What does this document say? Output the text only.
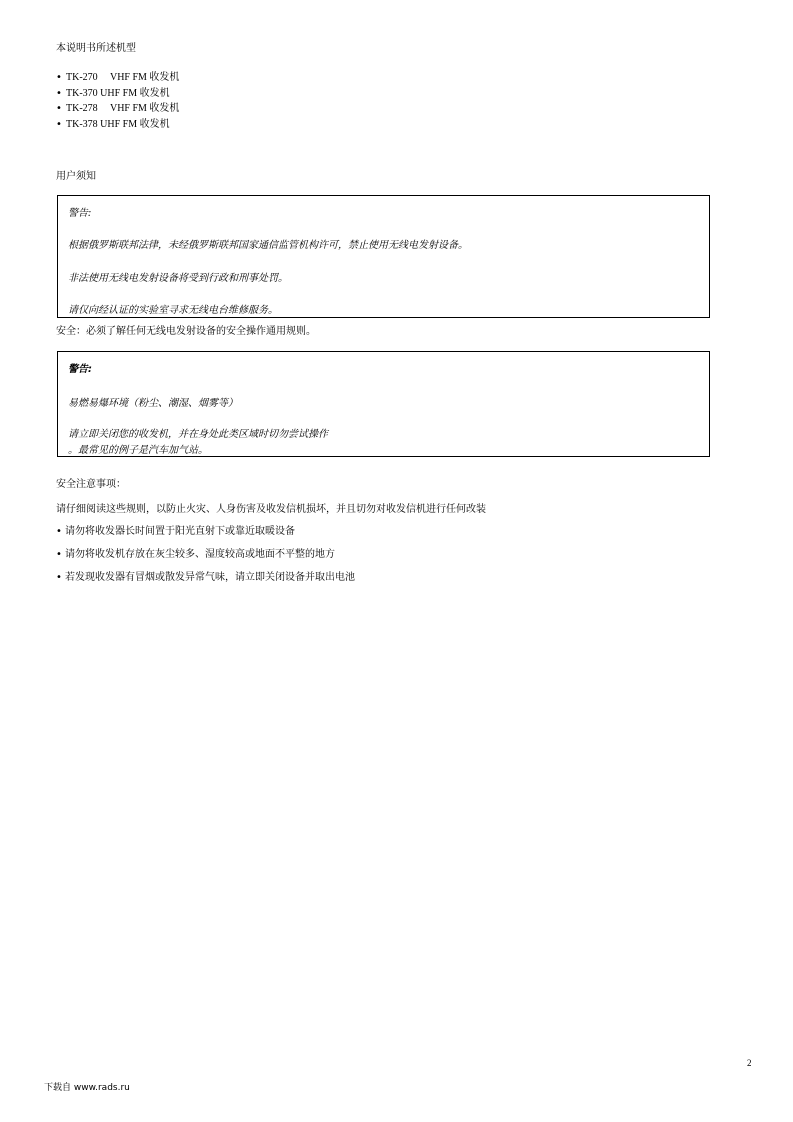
本说明书所述机型
• TK-270　 VHF FM 收发机
• TK-370 UHF FM 收发机
• TK-278　 VHF FM 收发机
• TK-378 UHF FM 收发机
用户须知
警告:
根据俄罗斯联邦法律，未经俄罗斯联邦国家通信监管机构许可，禁止使用无线电发射设备。
非法使用无线电发射设备将受到行政和刑事处罚。
请仅向经认证的实验室寻求无线电台维修服务。
安全：必须了解任何无线电发射设备的安全操作通用规则。
警告:
易燃易爆环境（粉尘、潮湿、烟雾等）
请立即关闭您的收发机，并在身处此类区域时切勿尝试操作
。最常见的例子是汽车加气站。
安全注意事项：
请仔细阅读这些规则，以防止火灾、人身伤害及收发信机损坏，并且切勿对收发信机进行任何改装
• 请勿将收发器长时间置于阳光直射下或靠近取暖设备
• 请勿将收发机存放在灰尘较多、湿度较高或地面不平整的地方
• 若发现收发器有冒烟或散发异常气味，请立即关闭设备并取出电池
2
下载自 www.rads.ru
